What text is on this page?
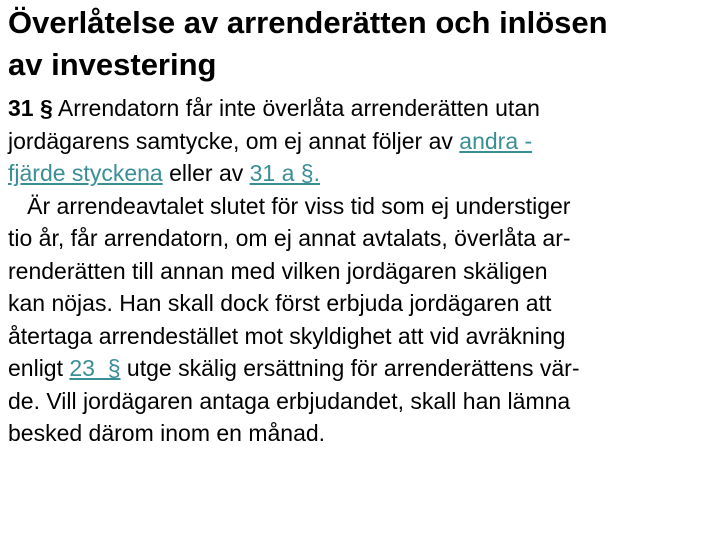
Överlåtelse av arrenderätten och inlösen
av investering
31 § Arrendatorn får inte överlåta arrenderätten utan
jordägarens samtycke, om ej annat följer av andra -
fjärde styckena eller av 31 a §.
Är arrendeavtalet slutet för viss tid som ej understiger
tio år, får arrendatorn, om ej annat avtalats, överlåta ar-
renderätten till annan med vilken jordägaren skäligen
kan nöjas. Han skall dock först erbjuda jordägaren att
återtaga arrendestället mot skyldighet att vid avräkning
enligt 23  § utge skälig ersättning för arrenderättens vär-
de. Vill jordägaren antaga erbjudandet, skall han lämna
besked därom inom en månad.
